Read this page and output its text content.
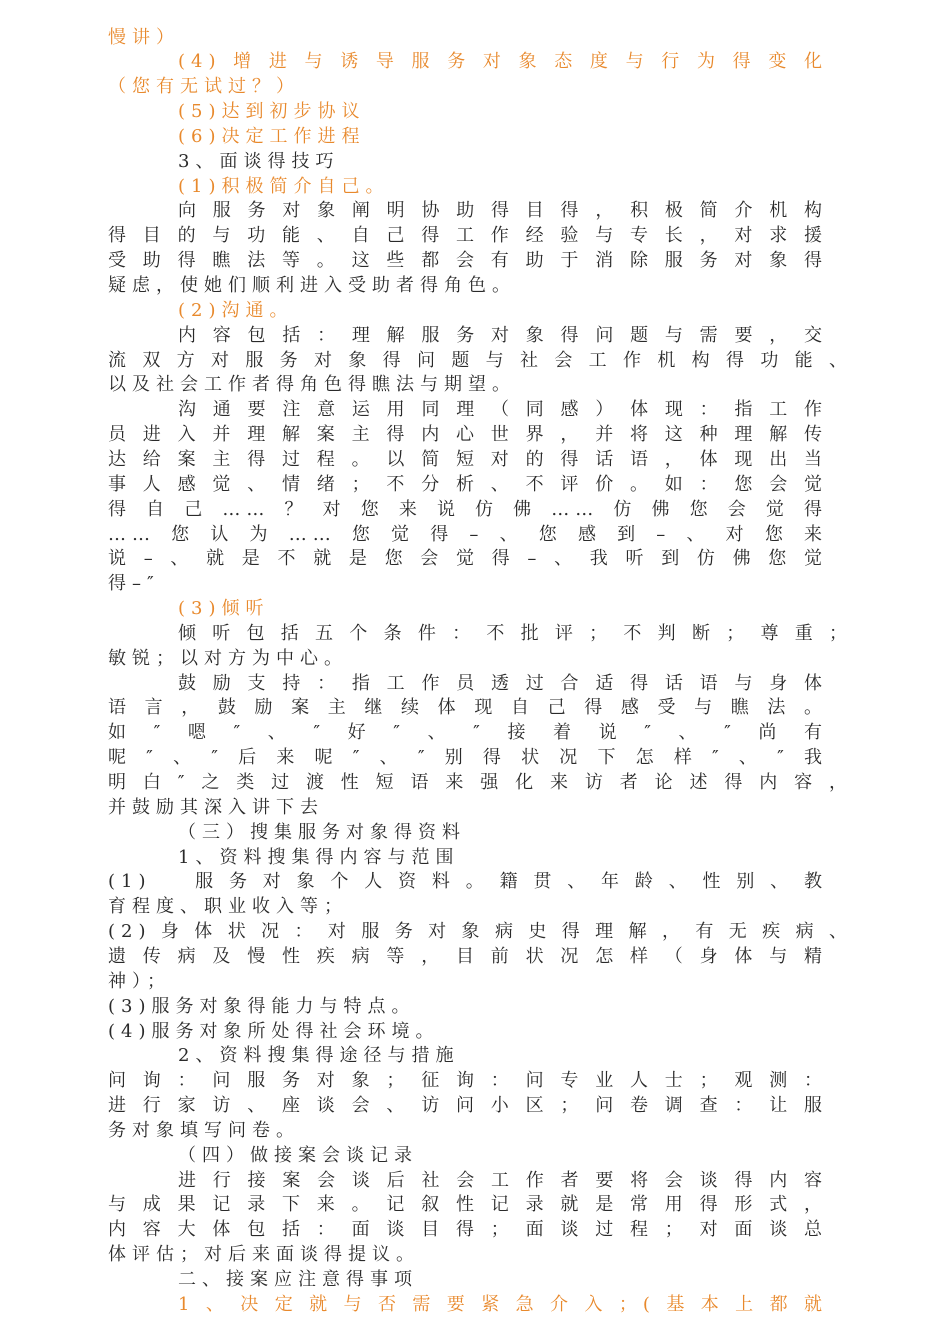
慢讲）
(4)增进与诱导服务对象态度与行为得变化
（您有无试过？）
(5)达到初步协议
(6)决定工作进程
3、面谈得技巧
(1)积极简介自己。
向服务对象阐明协助得目得，积极简介机构
得目的与功能、自己得工作经验与专长，对求援
受助得瞧法等。这些都会有助于消除服务对象得
疑虑，使她们顺利进入受助者得角色。
(2)沟通。
内容包括：理解服务对象得问题与需要，交
流双方对服务对象得问题与社会工作机构得功能、
以及社会工作者得角色得瞧法与期望。
沟通要注意运用同理（同感）体现：指工作
员进入并理解案主得内心世界，并将这种理解传
达给案主得过程。以简短对的得话语，体现出当
事人感觉、情绪；不分析、不评价。如：您会觉
得自己……？对您来说仿佛……仿佛您会觉得
……您认为……您觉得–、您感到–、对您来
说–、就是不就是您会觉得–、我听到仿佛您觉
得–″
(3)倾听
倾听包括五个条件：不批评；不判断；尊重；
敏锐；以对方为中心。
鼓励支持：指工作员透过合适得话语与身体
语言，鼓励案主继续体现自己得感受与瞧法。
如″嗯″、″好″、″接着说″、″尚有
呢″、″后来呢″、″别得状况下怎样″、″我
明白″之类过渡性短语来强化来访者论述得内容，
并鼓励其深入讲下去
（三）搜集服务对象得资料
1、资料搜集得内容与范围
(1)　服务对象个人资料。籍贯、年龄、性别、教
育程度、职业收入等；
(2)身体状况：对服务对象病史得理解，有无疾病、
遗传病及慢性疾病等，目前状况怎样（身体与精
神）；
(3)服务对象得能力与特点。
(4)服务对象所处得社会环境。
2、资料搜集得途径与措施
问询：问服务对象；征询：问专业人士；观测：
进行家访、座谈会、访问小区；问卷调查：让服
务对象填写问卷。
（四）做接案会谈记录
进行接案会谈后社会工作者要将会谈得内容
与成果记录下来。记叙性记录就是常用得形式，
内容大体包括：面谈目得；面谈过程；对面谈总
体评估；对后来面谈得提议。
二、接案应注意得事项
1、决定就与否需要紧急介入；(基本上都就
